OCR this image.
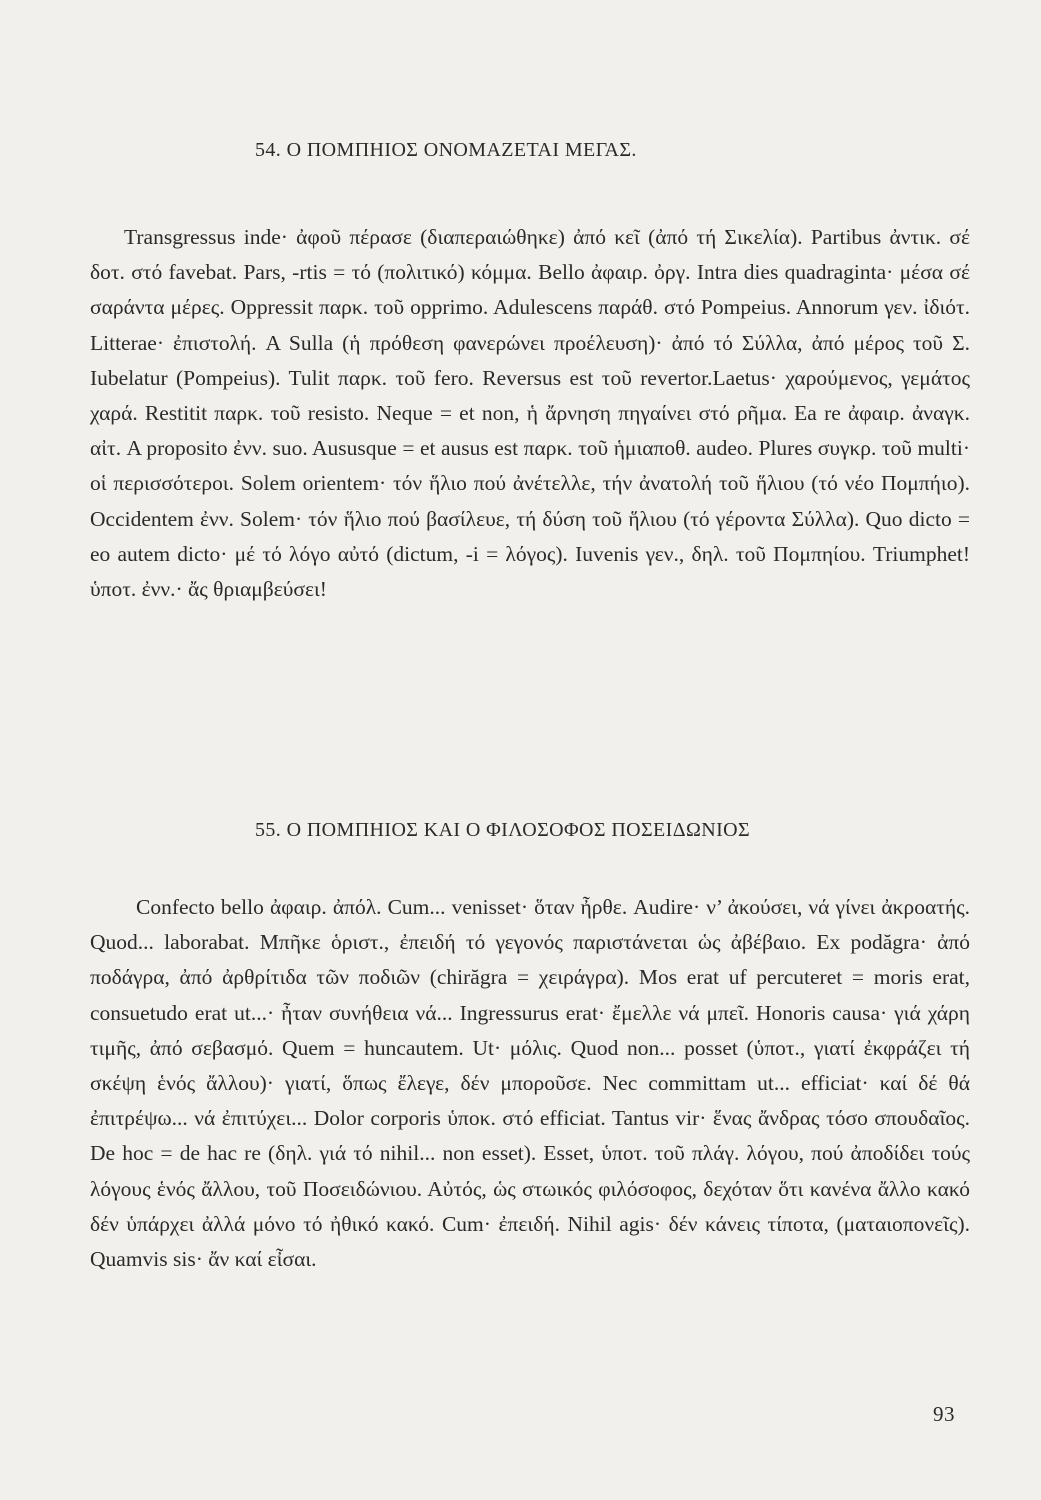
54. Ο ΠΟΜΠΗΙΟΣ ΟΝΟΜΑΖΕΤΑΙ ΜΕΓΑΣ.

Transgressus inde· ἀφοῦ πέρασε (διαπεραιώθηκε) ἀπό κεῖ (ἀπό τή Σικελία). Partibus ἀντικ. σέ δοτ. στό favebat. Pars, -rtis = τό (πολιτικό) κόμμα. Bello ἀφαιρ. ὀργ. Intra dies quadraginta· μέσα σέ σαράντα μέρες. Oppressit παρκ. τοῦ opprimo. Adulescens παράθ. στό Pompeius. Annorum γεν. ἰδιότ. Litterae· ἐπιστολή. A Sulla (ἡ πρόθεση φανερώνει προέλευση)· ἀπό τό Σύλλα, ἀπό μέρος τοῦ Σ. Iubelatur (Pompeius). Tulit παρκ. τοῦ fero. Reversus est τοῦ revertor.Laetus· χαρούμενος, γεμάτος χαρά. Restitit παρκ. τοῦ resisto. Neque = et non, ἡ ἄρνηση πηγαίνει στό ρῆμα. Ea re ἀφαιρ. ἀναγκ. αἰτ. A proposito ἐνν. suo. Aususque = et ausus est παρκ. τοῦ ἡμιαποθ. audeo. Plures συγκρ. τοῦ multi· οἱ περισσότεροι. Solem orientem· τόν ἥλιο πού ἀνέτελλε, τήν ἀνατολή τοῦ ἥλιου (τό νέο Πομπήιο). Occidentem ἐνν. Solem· τόν ἥλιο πού βασίλευε, τή δύση τοῦ ἥλιου (τό γέροντα Σύλλα). Quo dicto = eo autem dicto· μέ τό λόγο αὐτό (dictum, -i = λόγος). Iuvenis γεν., δηλ. τοῦ Πομπηίου. Triumphet! ὑποτ. ἐνν.· ἄς θριαμβεύσει!

55. Ο ΠΟΜΠΗΙΟΣ ΚΑΙ Ο ΦΙΛΟΣΟΦΟΣ ΠΟΣΕΙΔΩΝΙΟΣ

Confecto bello ἀφαιρ. ἀπόλ. Cum... venisset· ὅταν ἦρθε. Audire· ν’ ἀκούσει, νά γίνει ἀκροατής. Quod... laborabat. Μπῆκε ὁριστ., ἐπειδή τό γεγονός παριστάνεται ὡς ἀβέβαιο. Ex podăgra· ἀπό ποδάγρα, ἀπό ἀρθρίτιδα τῶν ποδιῶν (chirăgra = χειράγρα). Mos erat uf percuteret = moris erat, consuetudo erat ut...· ἦταν συνήθεια νά... Ingressurus erat· ἔμελλε νά μπεῖ. Honoris causa· γιά χάρη τιμῆς, ἀπό σεβασμό. Quem = huncautem. Ut· μόλις. Quod non... posset (ὑποτ., γιατί ἐκφράζει τή σκέψη ἑνός ἄλλου)· γιατί, ὅπως ἔλεγε, δέν μποροῦσε. Nec committam ut... efficiat· καί δέ θά ἐπιτρέψω... νά ἐπιτύχει... Dolor corporis ὑποκ. στό efficiat. Tantus vir· ἕνας ἄνδρας τόσο σπουδαῖος. De hoc = de hac re (δηλ. γιά τό nihil... non esset). Esset, ὑποτ. τοῦ πλάγ. λόγου, πού ἀποδίδει τούς λόγους ἑνός ἄλλου, τοῦ Ποσειδώνιου. Αὐτός, ὡς στωικός φιλόσοφος, δεχόταν ὅτι κανένα ἄλλο κακό δέν ὑπάρχει ἀλλά μόνο τό ἠθικό κακό. Cum· ἐπειδή. Nihil agis· δέν κάνεις τίποτα, (ματαιοπονεῖς). Quamvis sis· ἄν καί εἶσαι.

93
